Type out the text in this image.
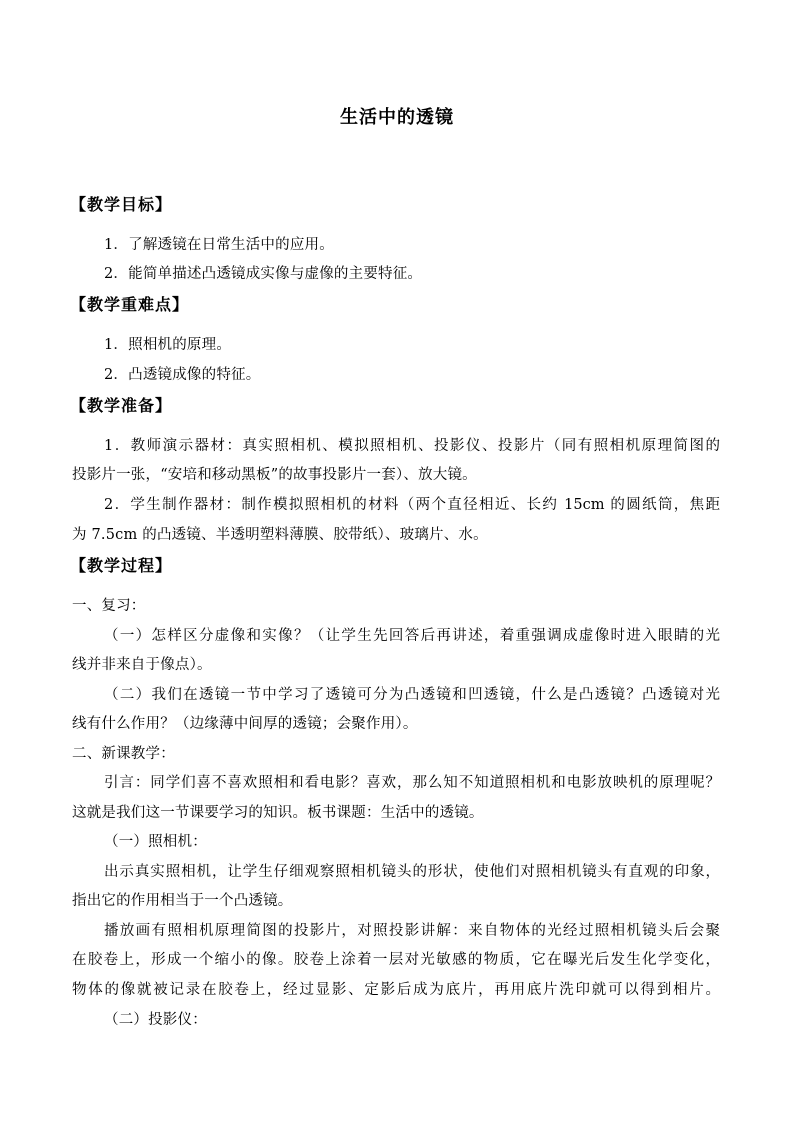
生活中的透镜
【教学目标】
1．了解透镜在日常生活中的应用。
2．能简单描述凸透镜成实像与虚像的主要特征。
【教学重难点】
1．照相机的原理。
2．凸透镜成像的特征。
【教学准备】
1．教师演示器材：真实照相机、模拟照相机、投影仪、投影片（同有照相机原理简图的
投影片一张，“安培和移动黑板”的故事投影片一套）、放大镜。
2．学生制作器材：制作模拟照相机的材料（两个直径相近、长约 15cm 的圆纸筒，焦距
为 7.5cm 的凸透镜、半透明塑料薄膜、胶带纸）、玻璃片、水。
【教学过程】
一、复习：
（一）怎样区分虚像和实像？（让学生先回答后再讲述，着重强调成虚像时进入眼睛的光
线并非来自于像点）。
（二）我们在透镜一节中学习了透镜可分为凸透镜和凹透镜，什么是凸透镜？凸透镜对光
线有什么作用？（边缘薄中间厚的透镜；会聚作用）。
二、新课教学：
引言：同学们喜不喜欢照相和看电影？喜欢，那么知不知道照相机和电影放映机的原理呢？
这就是我们这一节课要学习的知识。板书课题：生活中的透镜。
（一）照相机：
出示真实照相机，让学生仔细观察照相机镜头的形状，使他们对照相机镜头有直观的印象，
指出它的作用相当于一个凸透镜。
播放画有照相机原理简图的投影片，对照投影讲解：来自物体的光经过照相机镜头后会聚
在胶卷上，形成一个缩小的像。胶卷上涂着一层对光敏感的物质，它在曝光后发生化学变化，
物体的像就被记录在胶卷上，经过显影、定影后成为底片，再用底片洗印就可以得到相片。
（二）投影仪：
